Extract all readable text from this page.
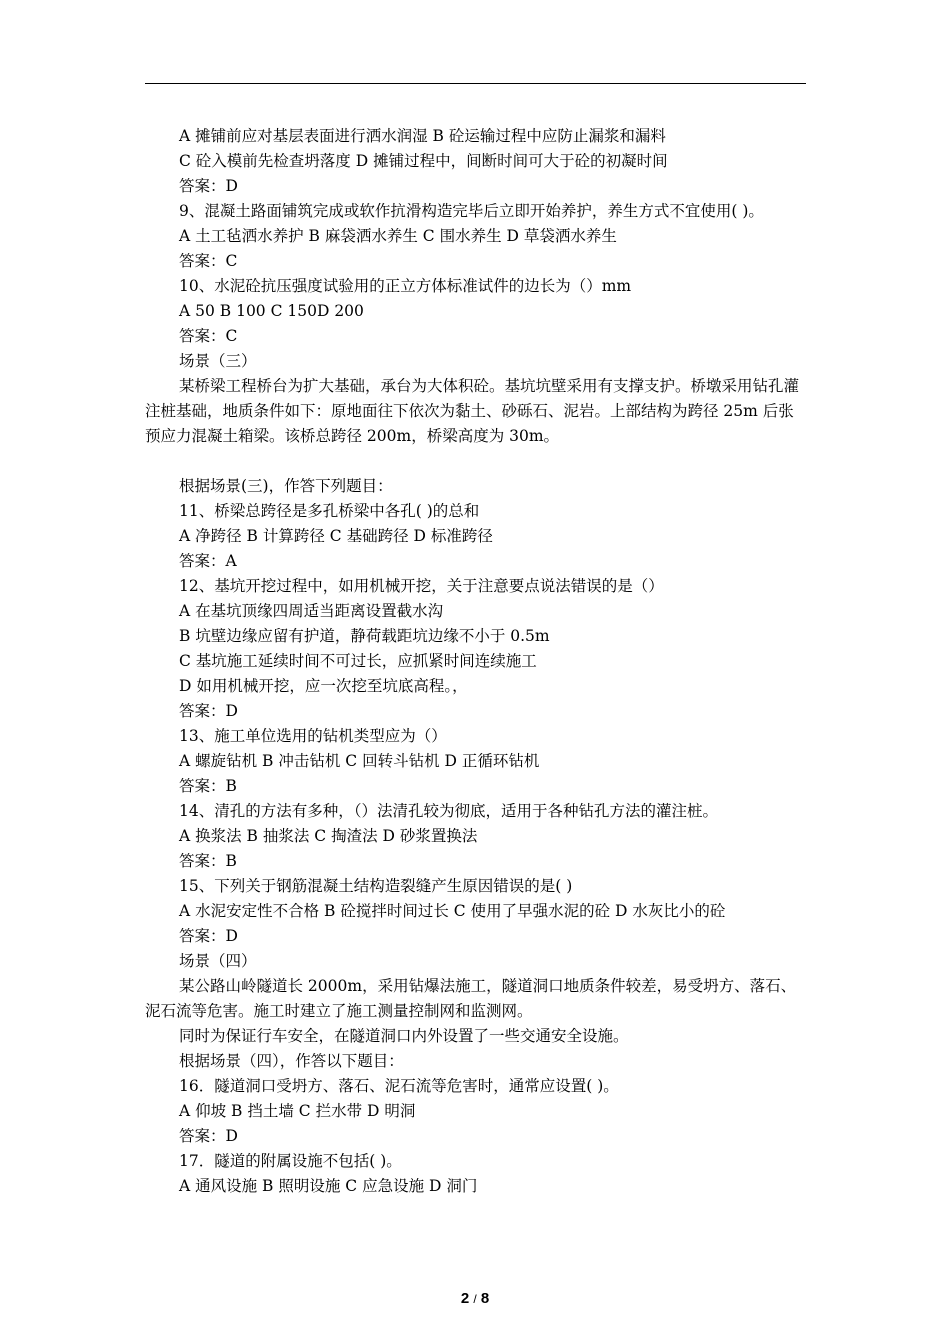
A 摊铺前应对基层表面进行洒水润湿 B 砼运输过程中应防止漏浆和漏料

C 砼入模前先检查坍落度 D 摊铺过程中，间断时间可大于砼的初凝时间

答案：D

9、混凝土路面铺筑完成或软作抗滑构造完毕后立即开始养护，养生方式不宜使用( )。

A 土工毡洒水养护 B 麻袋洒水养生 C 围水养生 D 草袋洒水养生

答案：C

10、水泥砼抗压强度试验用的正立方体标准试件的边长为（）mm

A 50 B 100 C 150D 200

答案：C

场景（三）

某桥梁工程桥台为扩大基础，承台为大体积砼。基坑坑壁采用有支撑支护。桥墩采用钻孔灌注桩基础，地质条件如下：原地面往下依次为黏土、砂砾石、泥岩。上部结构为跨径 25m 后张预应力混凝土箱梁。该桥总跨径 200m，桥梁高度为 30m。

根据场景(三)，作答下列题目：

11、桥梁总跨径是多孔桥梁中各孔( )的总和

A 净跨径 B 计算跨径 C 基础跨径 D 标准跨径

答案：A

12、基坑开挖过程中，如用机械开挖，关于注意要点说法错误的是（）

A 在基坑顶缘四周适当距离设置截水沟

B 坑壁边缘应留有护道，静荷载距坑边缘不小于 0.5m

C 基坑施工延续时间不可过长，应抓紧时间连续施工

D 如用机械开挖，应一次挖至坑底高程。，

答案：D

13、施工单位选用的钻机类型应为（）

A 螺旋钻机 B 冲击钻机 C 回转斗钻机 D 正循环钻机

答案：B

14、清孔的方法有多种，（）法清孔较为彻底，适用于各种钻孔方法的灌注桩。

A 换浆法 B 抽浆法 C 掏渣法 D 砂浆置换法

答案：B

15、下列关于钢筋混凝土结构造裂缝产生原因错误的是( )

A 水泥安定性不合格 B 砼搅拌时间过长 C 使用了早强水泥的砼 D 水灰比小的砼

答案：D

场景（四）

某公路山岭隧道长 2000m，采用钻爆法施工，隧道洞口地质条件较差，易受坍方、落石、泥石流等危害。施工时建立了施工测量控制网和监测网。

同时为保证行车安全，在隧道洞口内外设置了一些交通安全设施。

根据场景（四），作答以下题目：

16．隧道洞口受坍方、落石、泥石流等危害时，通常应设置( )。

A 仰坡 B 挡土墙 C 拦水带 D 明洞

答案：D

17．隧道的附属设施不包括( )。

A 通风设施 B 照明设施 C 应急设施 D 洞门

2 / 8
